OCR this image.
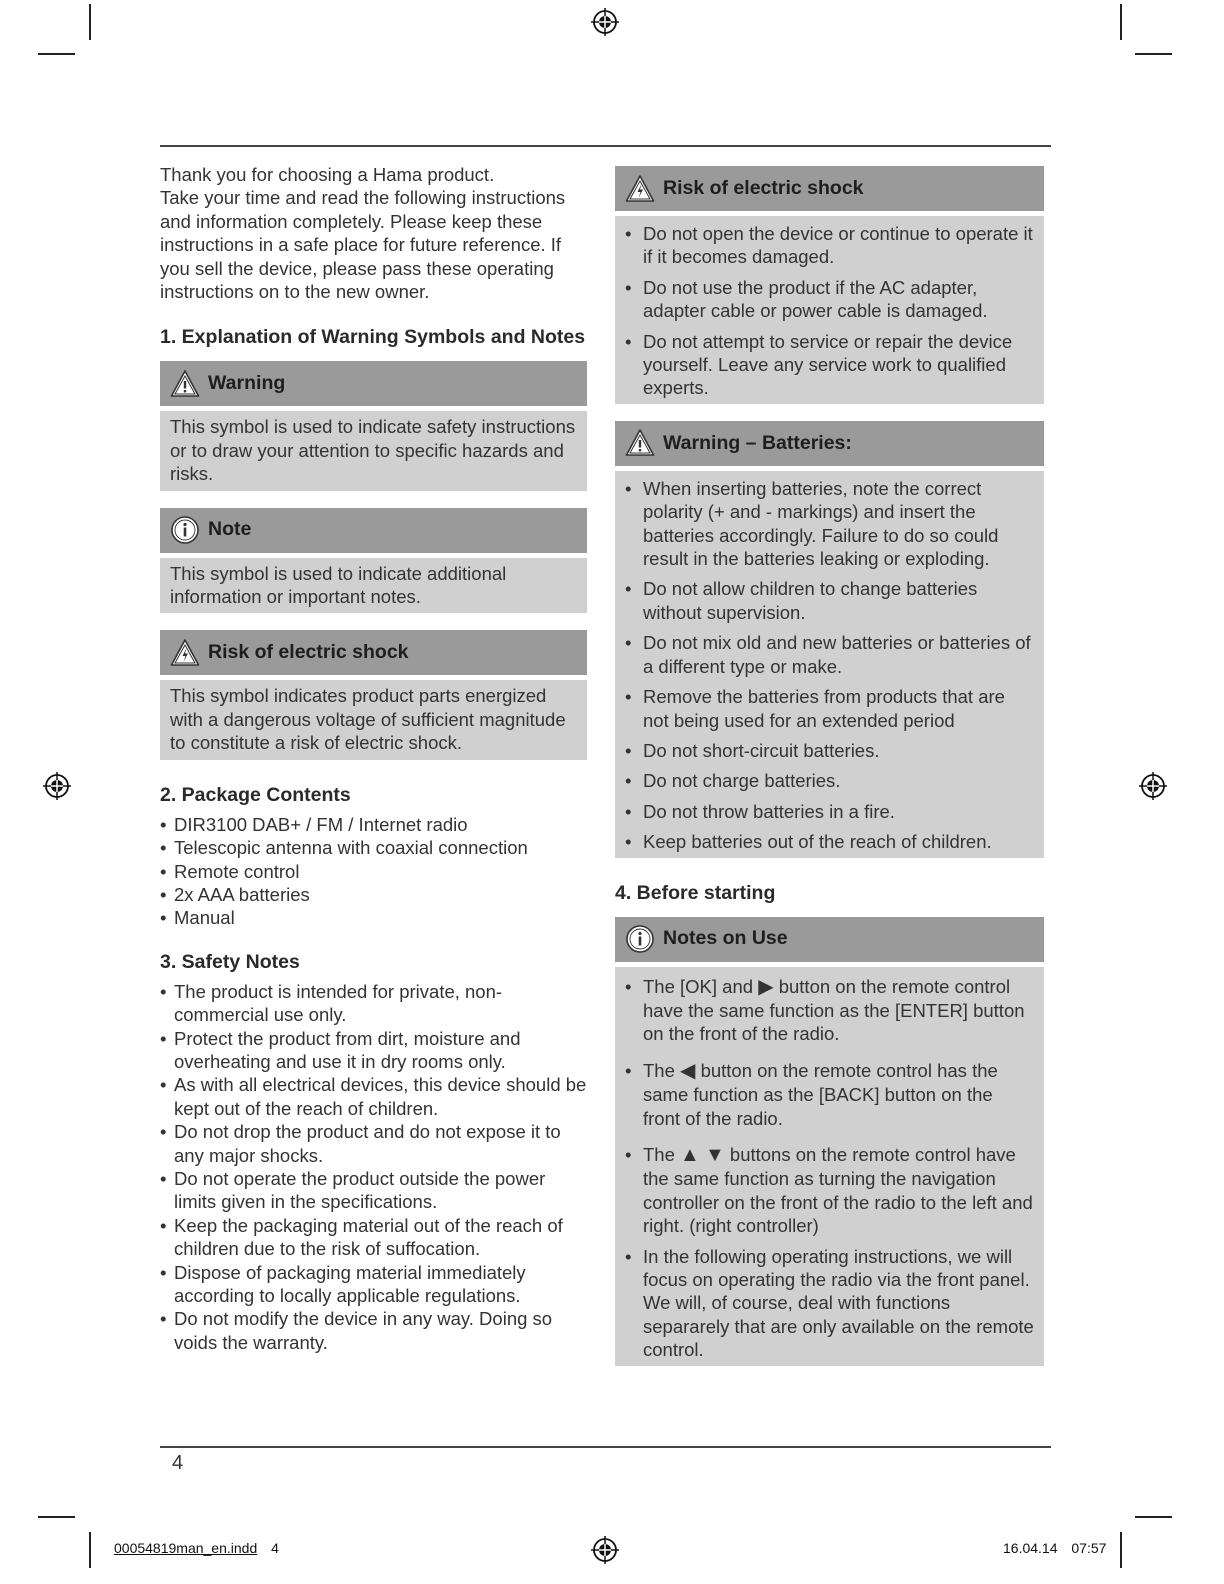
Thank you for choosing a Hama product.

Take your time and read the following instructions and information completely. Please keep these instructions in a safe place for future reference. If you sell the device, please pass these operating instructions on to the new owner.

1. Explanation of Warning Symbols and Notes
Warning

This symbol is used to indicate safety instructions or to draw your attention to specific hazards and risks.

Note

This symbol is used to indicate additional information or important notes.

Risk of electric shock

This symbol indicates product parts energized with a dangerous voltage of sufficient magnitude to constitute a risk of electric shock.

2. Package Contents
• DIR3100 DAB+ / FM / Internet radio
• Telescopic antenna with coaxial connection
• Remote control
• 2x AAA batteries
• Manual
3. Safety Notes
• The product is intended for private, non-commercial use only.
• Protect the product from dirt, moisture and overheating and use it in dry rooms only.
• As with all electrical devices, this device should be kept out of the reach of children.
• Do not drop the product and do not expose it to any major shocks.
• Do not operate the product outside the power limits given in the specifications.
• Keep the packaging material out of the reach of children due to the risk of suffocation.
• Dispose of packaging material immediately according to locally applicable regulations.
• Do not modify the device in any way. Doing so voids the warranty.
Risk of electric shock
• Do not open the device or continue to operate it if it becomes damaged.
• Do not use the product if the AC adapter, adapter cable or power cable is damaged.
• Do not attempt to service or repair the device yourself. Leave any service work to qualified experts.
Warning – Batteries:
• When inserting batteries, note the correct polarity (+ and - markings) and insert the batteries accordingly. Failure to do so could result in the batteries leaking or exploding.
• Do not allow children to change batteries without supervision.
• Do not mix old and new batteries or batteries of a different type or make.
• Remove the batteries from products that are not being used for an extended period
• Do not short-circuit batteries.
• Do not charge batteries.
• Do not throw batteries in a fire.
• Keep batteries out of the reach of children.
4. Before starting
Notes on Use
• The [OK] and ▶ button on the remote control have the same function as the [ENTER] button on the front of the radio.
• The ◀ button on the remote control has the same function as the [BACK] button on the front of the radio.
• The ▲ ▼ buttons on the remote control have the same function as turning the navigation controller on the front of the radio to the left and right. (right controller)
• In the following operating instructions, we will focus on operating the radio via the front panel. We will, of course, deal with functions separarely that are only available on the remote control.
4
00054819man_en.indd 4	16.04.14 07:57
